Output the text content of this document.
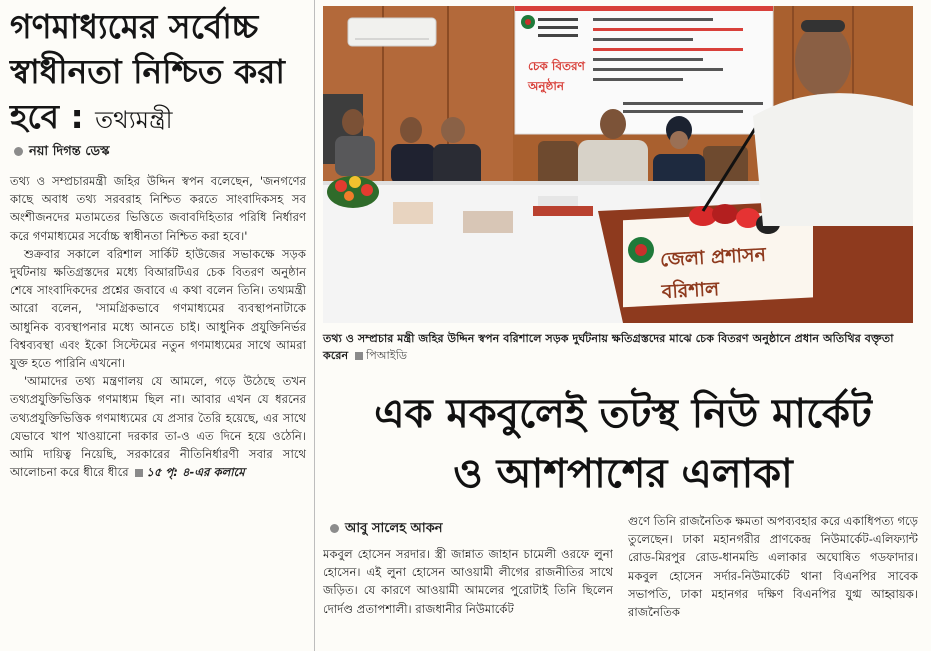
গণমাধ্যমের সর্বোচ্চ স্বাধীনতা নিশ্চিত করা হবে : তথ্যমন্ত্রী
নয়া দিগন্ত ডেস্ক

তথ্য ও সম্প্রচারমন্ত্রী জহির উদ্দিন স্বপন বলেছেন, 'জনগণের কাছে অবাধ তথ্য সরবরাহ নিশ্চিত করতে সাংবাদিকসহ সব অংশীজনদের মতামতের ভিত্তিতে জবাবদিহিতার পরিধি নির্ধারণ করে গণমাধ্যমের সর্বোচ্চ স্বাধীনতা নিশ্চিত করা হবে।'

শুক্রবার সকালে বরিশাল সার্কিট হাউজের সভাকক্ষে সড়ক দুর্ঘটনায় ক্ষতিগ্রস্তদের মধ্যে বিআরটিএর চেক বিতরণ অনুষ্ঠান শেষে সাংবাদিকদের প্রশ্নের জবাবে এ কথা বলেন তিনি। তথ্যমন্ত্রী আরো বলেন, 'সামগ্রিকভাবে গণমাধ্যমের ব্যবস্থাপনাটাকে আধুনিক ব্যবস্থাপনার মধ্যে আনতে চাই। আধুনিক প্রযুক্তিনির্ভর বিশ্বব্যবস্থা এবং ইকো সিস্টেমের নতুন গণমাধ্যমের সাথে আমরা যুক্ত হতে পারিনি এখনো।

'আমাদের তথ্য মন্ত্রণালয় যে আমলে, গড়ে উঠেছে তখন তথ্যপ্রযুক্তিভিত্তিক গণমাধ্যম ছিল না। আবার এখন যে ধরনের তথ্যপ্রযুক্তিভিত্তিক গণমাধ্যমের যে প্রসার তৈরি হয়েছে, এর সাথে যেভাবে খাপ খাওয়ানো দরকার তা-ও এত দিনে হয়ে ওঠেনি। আমি দায়িত্ব নিয়েছি, সরকারের নীতিনির্ধারণী সবার সাথে আলোচনা করে ধীরে ধীরে ১৫ পৃ: ৪-এর কলামে

চেক বিতরণ অনুষ্ঠান
জেলা প্রশাসন বরিশাল
তথ্য ও সম্প্রচার মন্ত্রী জহির উদ্দিন স্বপন বরিশালে সড়ক দুর্ঘটনায় ক্ষতিগ্রস্তদের মাঝে চেক বিতরণ অনুষ্ঠানে প্রধান অতিথির বক্তৃতা করেন পিআইডি
এক মকবুলেই তটস্থ নিউ মার্কেট
ও আশপাশের এলাকা
আবু সালেহ আকন
মকবুল হোসেন সরদার। স্ত্রী জান্নাত জাহান চামেলী ওরফে লুনা হোসেন। এই লুনা হোসেন আওয়ামী লীগের রাজনীতির সাথে জড়িত। যে কারণে আওয়ামী আমলের পুরোটাই তিনি ছিলেন দোর্দণ্ড প্রতাপশালী। রাজধানীর নিউমার্কেট
গুণে তিনি রাজনৈতিক ক্ষমতা অপব্যবহার করে একাধিপত্য গড়ে তুলেছেন। ঢাকা মহানগরীর প্রাণকেন্দ্র নিউমার্কেট-এলিফ্যান্ট রোড-মিরপুর রোড-ধানমন্ডি এলাকার অঘোষিত গডফাদার। মকবুল হোসেন সর্দার-নিউমার্কেট থানা বিএনপির সাবেক সভাপতি, ঢাকা মহানগর দক্ষিণ বিএনপির যুগ্ম আহ্বায়ক। রাজনৈতিক
